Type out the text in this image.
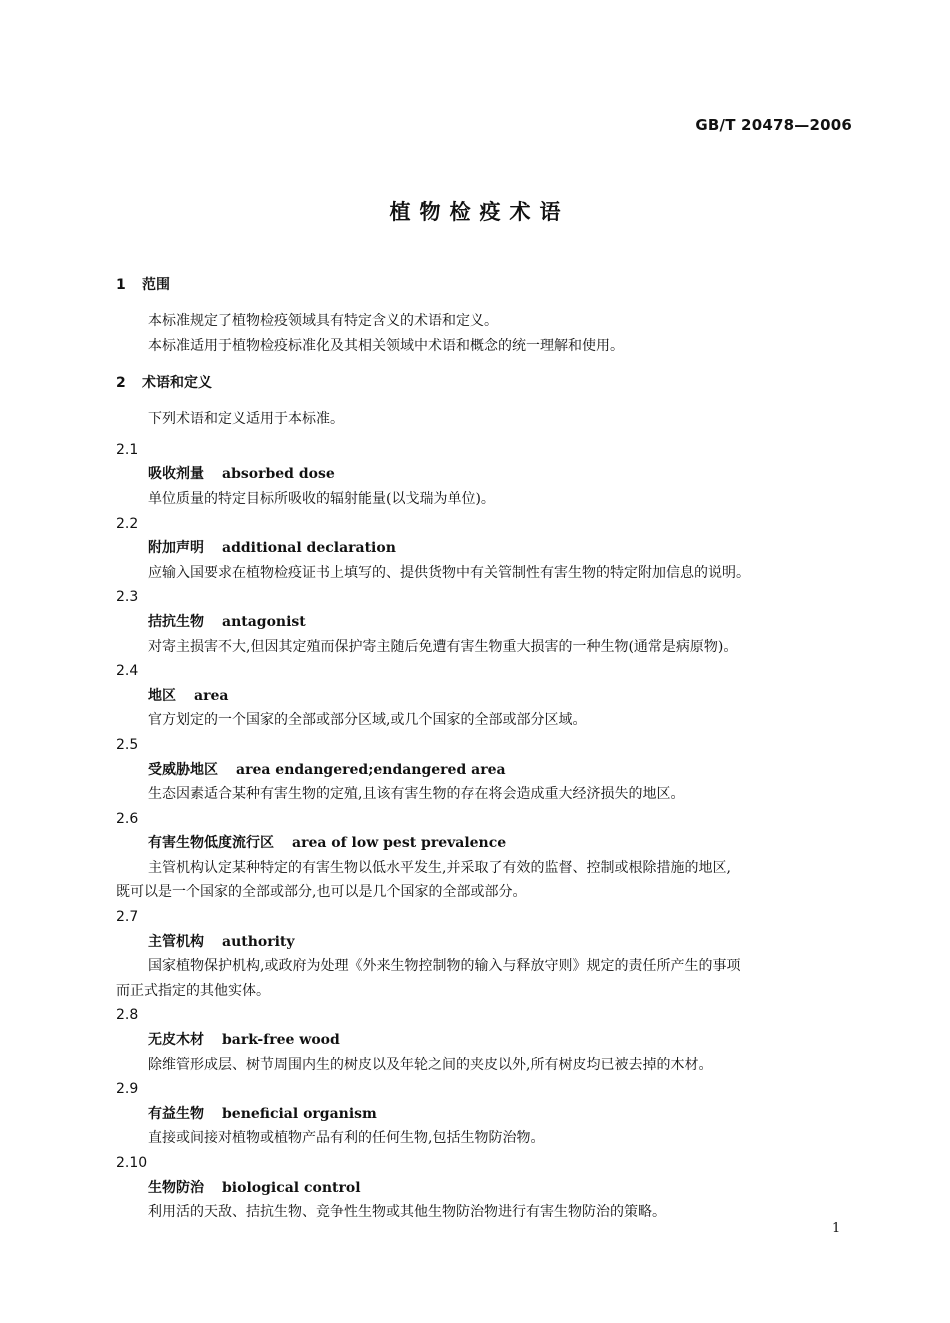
GB/T 20478—2006
植物检疫术语
1 范围
本标准规定了植物检疫领域具有特定含义的术语和定义。
本标准适用于植物检疫标准化及其相关领域中术语和概念的统一理解和使用。
2 术语和定义
下列术语和定义适用于本标准。
2.1
吸收剂量 absorbed dose
单位质量的特定目标所吸收的辐射能量(以戈瑞为单位)。
2.2
附加声明 additional declaration
应输入国要求在植物检疫证书上填写的、提供货物中有关管制性有害生物的特定附加信息的说明。
2.3
拮抗生物 antagonist
对寄主损害不大,但因其定殖而保护寄主随后免遭有害生物重大损害的一种生物(通常是病原物)。
2.4
地区 area
官方划定的一个国家的全部或部分区域,或几个国家的全部或部分区域。
2.5
受威胁地区 area endangered;endangered area
生态因素适合某种有害生物的定殖,且该有害生物的存在将会造成重大经济损失的地区。
2.6
有害生物低度流行区 area of low pest prevalence
主管机构认定某种特定的有害生物以低水平发生,并采取了有效的监督、控制或根除措施的地区,
既可以是一个国家的全部或部分,也可以是几个国家的全部或部分。
2.7
主管机构 authority
国家植物保护机构,或政府为处理《外来生物控制物的输入与释放守则》规定的责任所产生的事项
而正式指定的其他实体。
2.8
无皮木材 bark-free wood
除维管形成层、树节周围内生的树皮以及年轮之间的夹皮以外,所有树皮均已被去掉的木材。
2.9
有益生物 beneficial organism
直接或间接对植物或植物产品有利的任何生物,包括生物防治物。
2.10
生物防治 biological control
利用活的天敌、拮抗生物、竞争性生物或其他生物防治物进行有害生物防治的策略。
1
